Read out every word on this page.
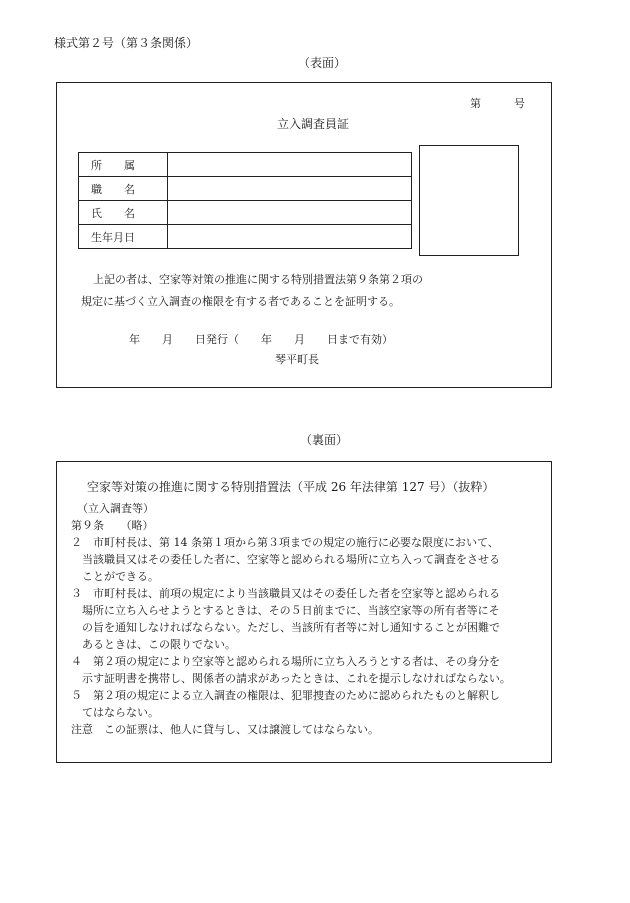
様式第２号（第３条関係）
（表面）
第　　　号
立入調査員証
所　　属	
職　　名	
氏　　名	
生年月日	
上記の者は、空家等対策の推進に関する特別措置法第９条第２項の
規定に基づく立入調査の権限を有する者であることを証明する。
年　　月　　日発行（　　年　　月　　日まで有効）
琴平町長
（裏面）
空家等対策の推進に関する特別措置法（平成 26 年法律第 127 号）（抜粋）
（立入調査等）
第９条　　（略）
２　市町村長は、第 14 条第１項から第３項までの規定の施行に必要な限度において、
　当該職員又はその委任した者に、空家等と認められる場所に立ち入って調査をさせる
　ことができる。
３　市町村長は、前項の規定により当該職員又はその委任した者を空家等と認められる
　場所に立ち入らせようとするときは、その５日前までに、当該空家等の所有者等にそ
　の旨を通知しなければならない。ただし、当該所有者等に対し通知することが困難で
　あるときは、この限りでない。
４　第２項の規定により空家等と認められる場所に立ち入ろうとする者は、その身分を
　示す証明書を携帯し、関係者の請求があったときは、これを提示しなければならない。
５　第２項の規定による立入調査の権限は、犯罪捜査のために認められたものと解釈し
　てはならない。
注意　この証票は、他人に貸与し、又は譲渡してはならない。
